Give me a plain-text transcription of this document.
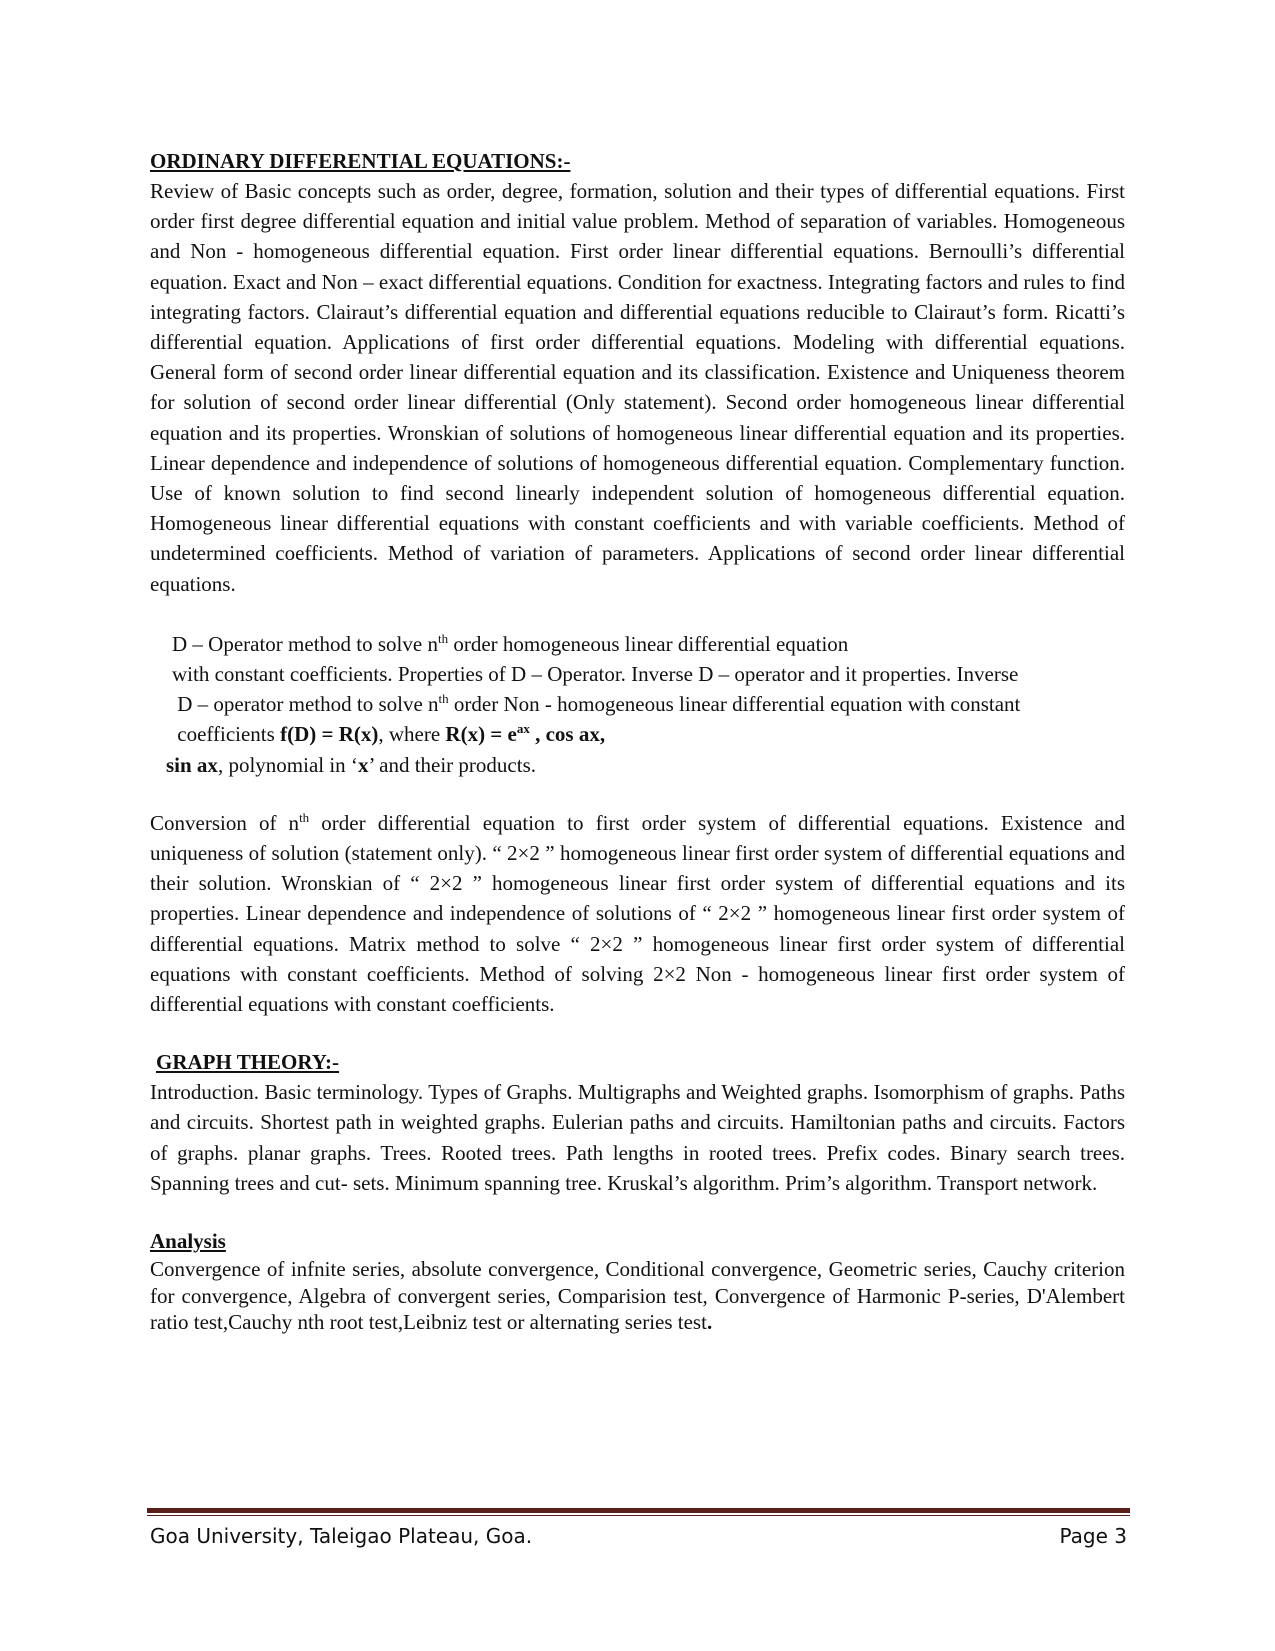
ORDINARY DIFFERENTIAL EQUATIONS:-

Review of Basic concepts such as order, degree, formation, solution and their types of differential equations. First order first degree differential equation and initial value problem. Method of separation of variables. Homogeneous and Non - homogeneous differential equation. First order linear differential equations. Bernoulli’s differential equation. Exact and Non – exact differential equations. Condition for exactness. Integrating factors and rules to find integrating factors. Clairaut’s differential equation and differential equations reducible to Clairaut’s form. Ricatti’s differential equation. Applications of first order differential equations. Modeling with differential equations. General form of second order linear differential equation and its classification. Existence and Uniqueness theorem for solution of second order linear differential (Only statement). Second order homogeneous linear differential equation and its properties. Wronskian of solutions of homogeneous linear differential equation and its properties. Linear dependence and independence of solutions of homogeneous differential equation. Complementary function. Use of known solution to find second linearly independent solution of homogeneous differential equation. Homogeneous linear differential equations with constant coefficients and with variable coefficients. Method of undetermined coefficients. Method of variation of parameters. Applications of second order linear differential equations.

D – Operator method to solve $n^{th}$ order homogeneous linear differential equation
with constant coefficients. Properties of D – Operator. Inverse D – operator and it properties. Inverse
D – operator method to solve $n^{th}$ order Non - homogeneous linear differential equation with constant
coefficients f(D) = R(x), where $R(x) = e^{ax}$ , cos ax,
sin ax, polynomial in ‘x’ and their products.

Conversion of $n^{th}$ order differential equation to first order system of differential equations. Existence and uniqueness of solution (statement only). “ 2×2 ” homogeneous linear first order system of differential equations and their solution. Wronskian of “ 2×2 ” homogeneous linear first order system of differential equations and its properties. Linear dependence and independence of solutions of “ 2×2 ” homogeneous linear first order system of differential equations. Matrix method to solve “ 2×2 ” homogeneous linear first order system of differential equations with constant coefficients. Method of solving 2×2 Non - homogeneous linear first order system of differential equations with constant coefficients.

GRAPH THEORY:-

Introduction. Basic terminology. Types of Graphs. Multigraphs and Weighted graphs. Isomorphism of graphs. Paths and circuits. Shortest path in weighted graphs. Eulerian paths and circuits. Hamiltonian paths and circuits. Factors of graphs. planar graphs. Trees. Rooted trees. Path lengths in rooted trees. Prefix codes. Binary search trees. Spanning trees and cut- sets. Minimum spanning tree. Kruskal’s algorithm. Prim’s algorithm. Transport network.

Analysis

Convergence of infnite series, absolute convergence, Conditional convergence, Geometric series, Cauchy criterion for convergence, Algebra of convergent series, Comparision test, Convergence of Harmonic P-series, D'Alembert ratio test,Cauchy nth root test,Leibniz test or alternating series test.

Goa University, Taleigao Plateau, Goa.	Page 3
